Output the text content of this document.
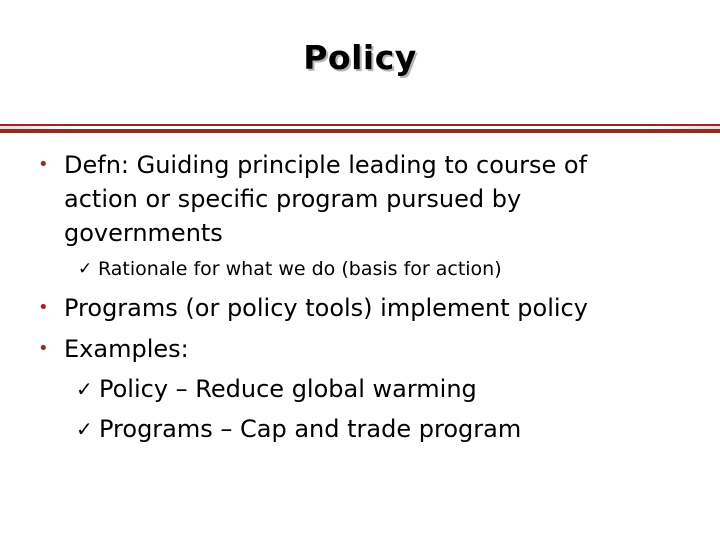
Policy
• Defn: Guiding principle leading to course of
action or specific program pursued by
governments
✓ Rationale for what we do (basis for action)
• Programs (or policy tools) implement policy
• Examples:
✓ Policy – Reduce global warming
✓ Programs – Cap and trade program
